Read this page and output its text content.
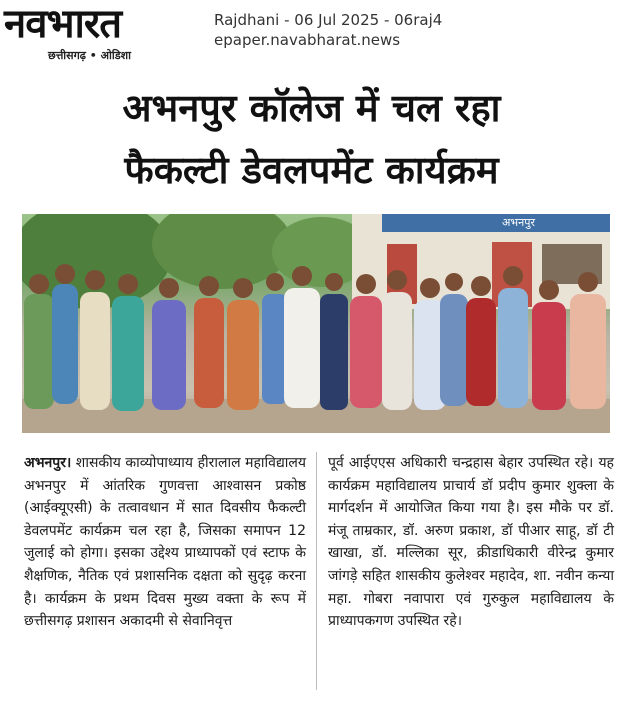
नवभारत
छत्तीसगढ़ • ओडिशा
Rajdhani - 06 Jul 2025 - 06raj4
epaper.navabharat.news
अभनपुर कॉलेज में चल रहा
फैकल्टी डेवलपमेंट कार्यक्रम
अभनपुर
अभनपुर। शासकीय काव्योपाध्याय हीरालाल महाविद्यालय अभनपुर में आंतरिक गुणवत्ता आश्वासन प्रकोष्ठ (आईक्यूएसी) के तत्वावधान में सात दिवसीय फैकल्टी डेवलपमेंट कार्यक्रम चल रहा है, जिसका समापन 12 जुलाई को होगा। इसका उद्देश्य प्राध्यापकों एवं स्टाफ के शैक्षणिक, नैतिक एवं प्रशासनिक दक्षता को सुदृढ़ करना है। कार्यक्रम के प्रथम दिवस मुख्य वक्ता के रूप में छत्तीसगढ़ प्रशासन अकादमी से सेवानिवृत्त
पूर्व आईएएस अधिकारी चन्द्रहास बेहार उपस्थित रहे। यह कार्यक्रम महाविद्यालय प्राचार्य डॉ प्रदीप कुमार शुक्ला के मार्गदर्शन में आयोजित किया गया है। इस मौके पर डॉ. मंजू ताम्रकार, डॉ. अरुण प्रकाश, डॉ पीआर साहू, डॉ टी खाखा, डॉ. मल्लिका सूर, क्रीडाधिकारी वीरेन्द्र कुमार जांगड़े सहित शासकीय कुलेश्वर महादेव, शा. नवीन कन्या महा. गोबरा नवापारा एवं गुरुकुल महाविद्यालय के प्राध्यापकगण उपस्थित रहे।
